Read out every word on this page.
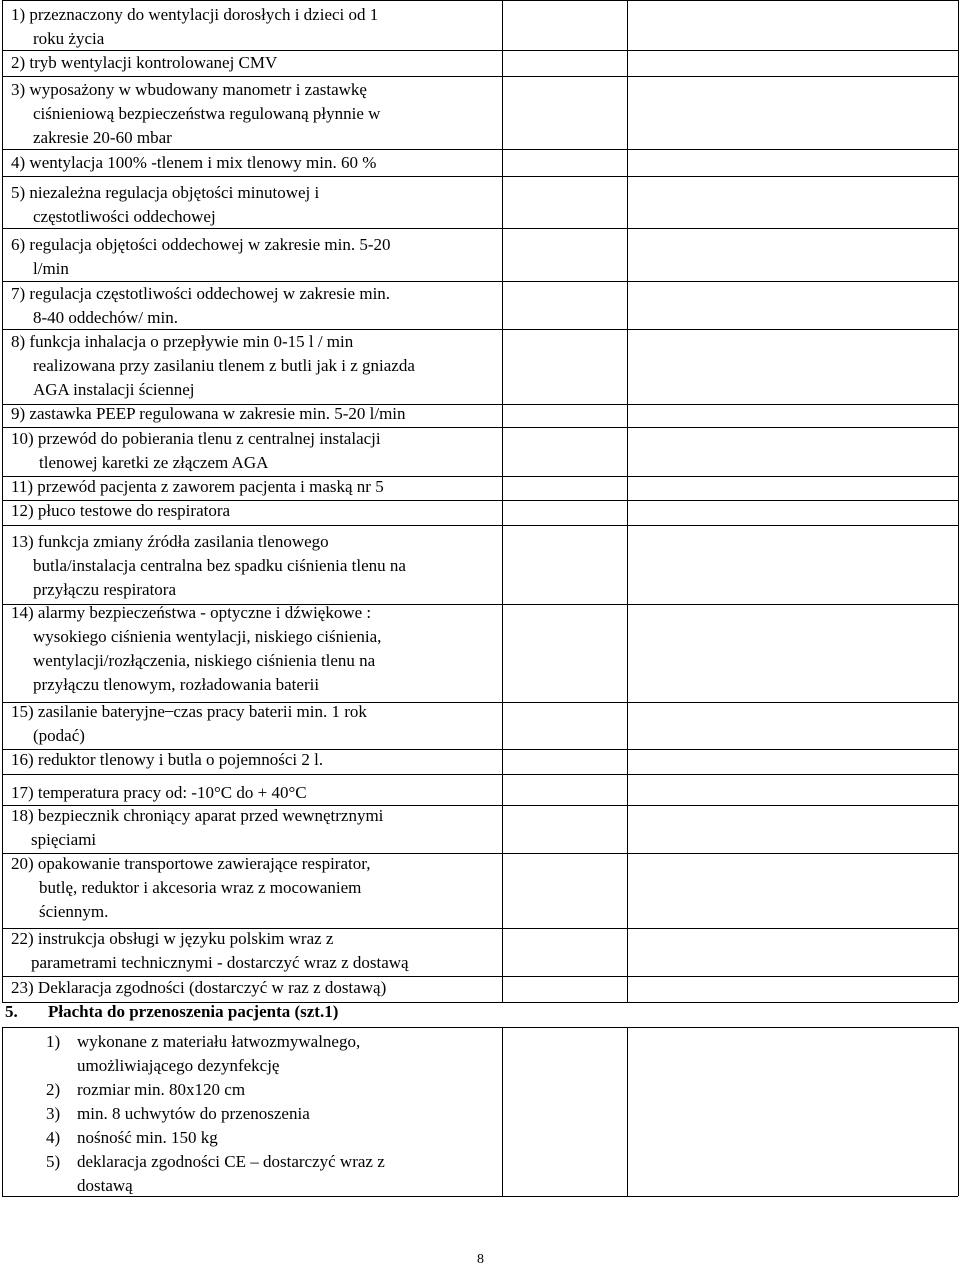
1) przeznaczony do wentylacji dorosłych i dzieci od 1
roku życia
2) tryb wentylacji kontrolowanej CMV
3) wyposażony w wbudowany manometr i zastawkę
ciśnieniową bezpieczeństwa regulowaną płynnie w
zakresie 20-60 mbar
4) wentylacja 100% -tlenem i mix tlenowy min. 60 %
5) niezależna regulacja objętości minutowej i
częstotliwości oddechowej
6) regulacja objętości oddechowej w zakresie min. 5-20
l/min
7) regulacja częstotliwości oddechowej w zakresie min.
8-40 oddechów/ min.
8) funkcja inhalacja o przepływie min 0-15 l / min
realizowana przy zasilaniu tlenem z butli jak i z gniazda
AGA instalacji ściennej
9) zastawka PEEP regulowana w zakresie min. 5-20 l/min
10) przewód do pobierania tlenu z centralnej instalacji
tlenowej karetki ze złączem AGA
11) przewód pacjenta z zaworem pacjenta i maską nr 5
12) płuco testowe do respiratora
13) funkcja zmiany źródła zasilania tlenowego
butla/instalacja centralna bez spadku ciśnienia tlenu na
przyłączu respiratora
14) alarmy bezpieczeństwa - optyczne i dźwiękowe :
wysokiego ciśnienia wentylacji, niskiego ciśnienia,
wentylacji/rozłączenia, niskiego ciśnienia tlenu na
przyłączu tlenowym, rozładowania baterii
15) zasilanie bateryjne ̶ czas pracy baterii min. 1 rok
(podać)
16) reduktor tlenowy i butla o pojemności 2 l.
17) temperatura pracy od: -10°C do + 40°C
18) bezpiecznik chroniący aparat przed wewnętrznymi
spięciami
20) opakowanie transportowe zawierające respirator,
butlę, reduktor i akcesoria wraz z mocowaniem
ściennym.
22) instrukcja obsługi w języku polskim wraz z
parametrami technicznymi - dostarczyć wraz z dostawą
23) Deklaracja zgodności (dostarczyć w raz z dostawą)
5. Płachta do przenoszenia pacjenta (szt.1)
1) wykonane z materiału łatwozmywalnego,
umożliwiającego dezynfekcję
2) rozmiar min. 80x120 cm
3) min. 8 uchwytów do przenoszenia
4) nośność min. 150 kg
5) deklaracja zgodności CE – dostarczyć wraz z
dostawą
8
